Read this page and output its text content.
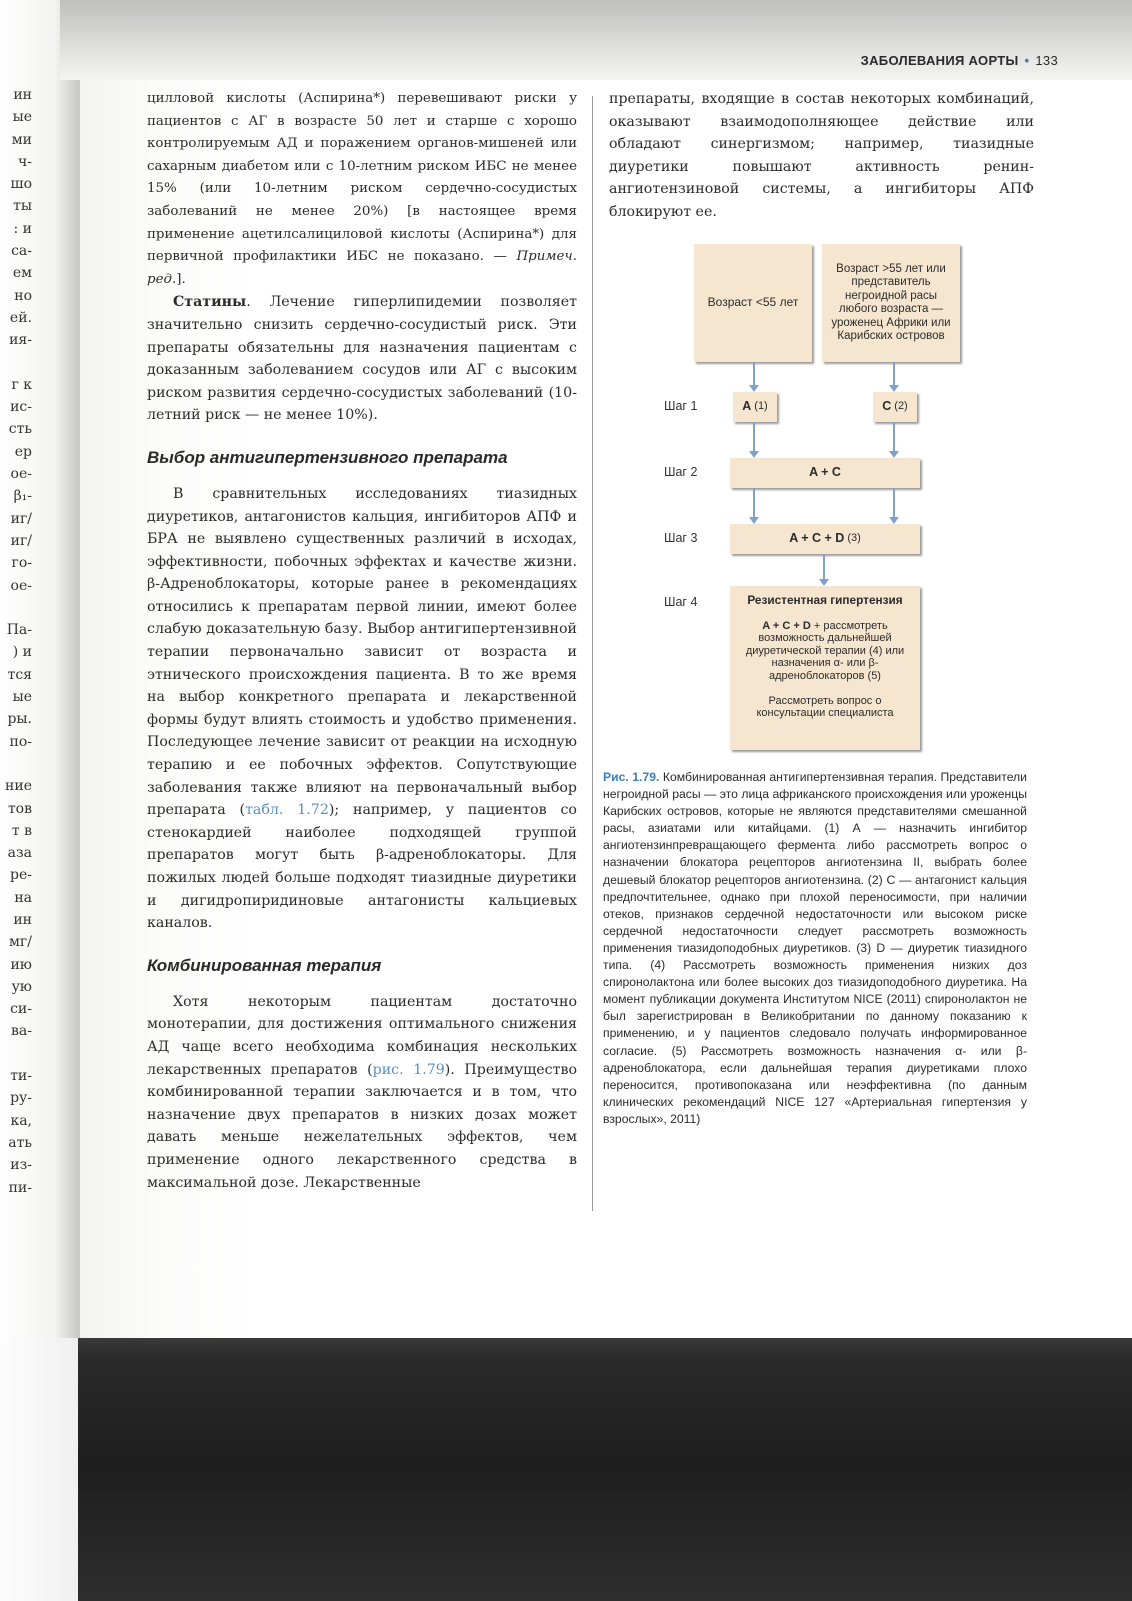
ЗАБОЛЕВАНИЯ АОРТЫ • 133
ин
ые
ми
ч-
шо
ты
: и
са-
ем
но
ей.
ия-
г к
ис-
сть
ер
ое-
β₁-
иг/
иг/
го-
ое-
Па-
) и
тся
ые
ры.
по-
ние
тов
т в
аза
ре-
на
ин
мг/
ию
ую
си-
ва-
ти-
ру-
ка,
ать
из-
пи-

цилловой кислоты (Аспирина*) перевешивают риски у пациентов с АГ в возрасте 50 лет и старше с хорошо контролируемым АД и поражением органов-мишеней или сахарным диабетом или с 10-летним риском ИБС не менее 15% (или 10-летним риском сердечно-сосудистых заболеваний не менее 20%) [в настоящее время применение ацетилсалициловой кислоты (Аспирина*) для первичной профилактики ИБС не показано. — Примеч. ред.].

Статины. Лечение гиперлипидемии позволяет значительно снизить сердечно-сосудистый риск. Эти препараты обязательны для назначения пациентам с доказанным заболеванием сосудов или АГ с высоким риском развития сердечно-сосудистых заболеваний (10-летний риск — не менее 10%).

Выбор антигипертензивного препарата

В сравнительных исследованиях тиазидных диуретиков, антагонистов кальция, ингибиторов АПФ и БРА не выявлено существенных различий в исходах, эффективности, побочных эффектах и качестве жизни. β-Адреноблокаторы, которые ранее в рекомендациях относились к препаратам первой линии, имеют более слабую доказательную базу. Выбор антигипертензивной терапии первоначально зависит от возраста и этнического происхождения пациента. В то же время на выбор конкретного препарата и лекарственной формы будут влиять стоимость и удобство применения. Последующее лечение зависит от реакции на исходную терапию и ее побочных эффектов. Сопутствующие заболевания также влияют на первоначальный выбор препарата (табл. 1.72); например, у пациентов со стенокардией наиболее подходящей группой препаратов могут быть β-адреноблокаторы. Для пожилых людей больше подходят тиазидные диуретики и дигидропиридиновые антагонисты кальциевых каналов.

Комбинированная терапия

Хотя некоторым пациентам достаточно монотерапии, для достижения оптимального снижения АД чаще всего необходима комбинация нескольких лекарственных препаратов (рис. 1.79). Преимущество комбинированной терапии заключается и в том, что назначение двух препаратов в низких дозах может давать меньше нежелательных эффектов, чем применение одного лекарственного средства в максимальной дозе. Лекарственные

препараты, входящие в состав некоторых комбинаций, оказывают взаимодополняющее действие или обладают синергизмом; например, тиазидные диуретики повышают активность ренин-ангиотензиновой системы, а ингибиторы АПФ блокируют ее.

Возраст <55 лет
Возраст >55 лет или представитель негроидной расы любого возраста — уроженец Африки или Карибских островов
Шаг 1	A (1)	C (2)
Шаг 2	A + C
Шаг 3	A + C + D (3)
Шаг 4	Резистентная гипертензия
A + C + D + рассмотреть возможность дальнейшей диуретической терапии (4) или назначения α- или β-адреноблокаторов (5)
Рассмотреть вопрос о консультации специалиста
Рис. 1.79. Комбинированная антигипертензивная терапия. Представители негроидной расы — это лица африканского происхождения или уроженцы Карибских островов, которые не являются представителями смешанной расы, азиатами или китайцами. (1) А — назначить ингибитор ангиотензинпревращающего фермента либо рассмотреть вопрос о назначении блокатора рецепторов ангиотензина II, выбрать более дешевый блокатор рецепторов ангиотензина. (2) С — антагонист кальция предпочтительнее, однако при плохой переносимости, при наличии отеков, признаков сердечной недостаточности или высоком риске сердечной недостаточности следует рассмотреть возможность применения тиазидоподобных диуретиков. (3) D — диуретик тиазидного типа. (4) Рассмотреть возможность применения низких доз спиронолактона или более высоких доз тиазидоподобного диуретика. На момент публикации документа Институтом NICE (2011) спиронолактон не был зарегистрирован в Великобритании по данному показанию к применению, и у пациентов следовало получать информированное согласие. (5) Рассмотреть возможность назначения α- или β-адреноблокатора, если дальнейшая терапия диуретиками плохо переносится, противопоказана или неэффективна (по данным клинических рекомендаций NICE 127 «Артериальная гипертензия у взрослых», 2011)
